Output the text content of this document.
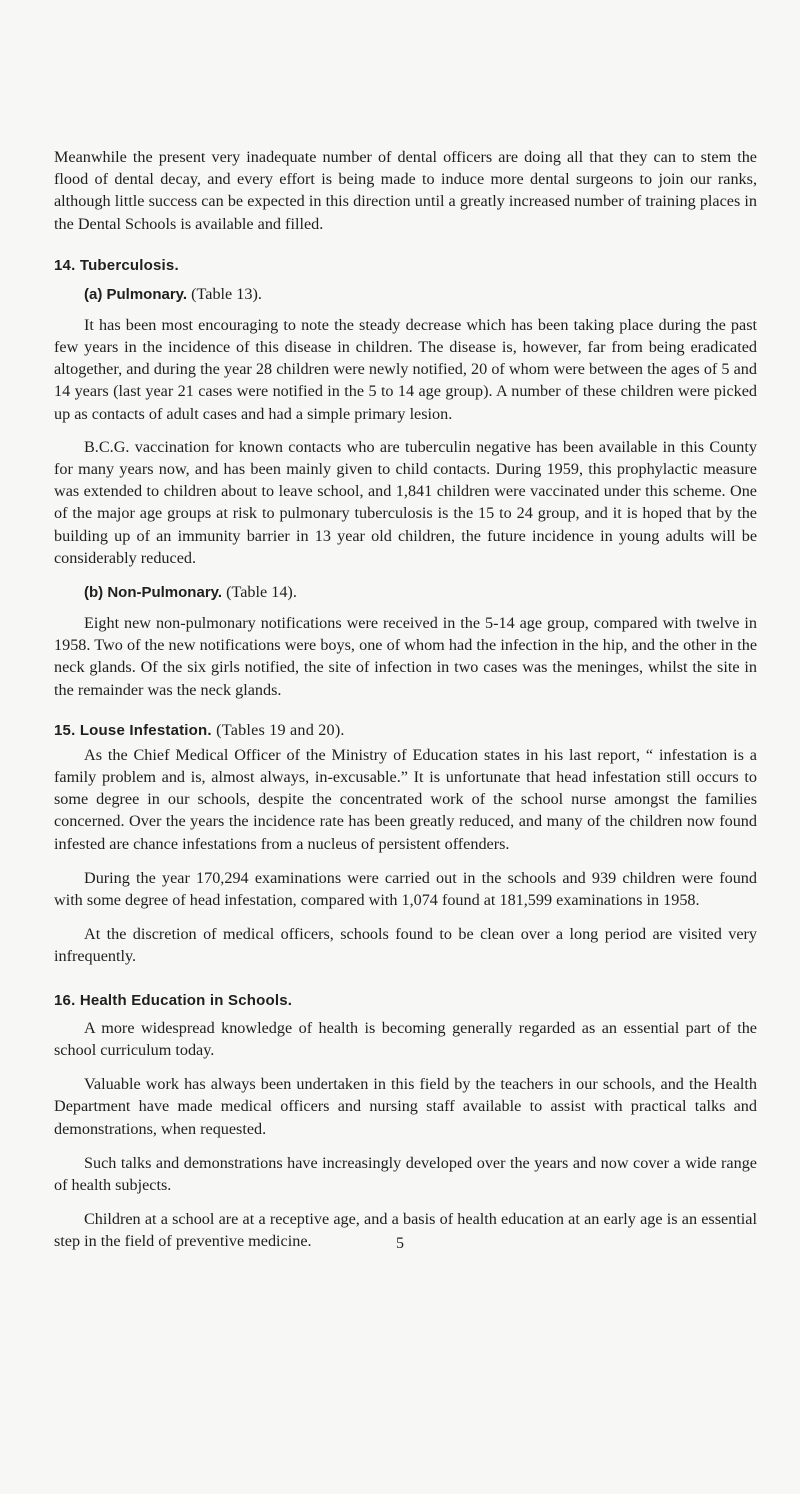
Meanwhile the present very inadequate number of dental officers are doing all that they can to stem the flood of dental decay, and every effort is being made to induce more dental surgeons to join our ranks, although little success can be expected in this direction until a greatly increased number of training places in the Dental Schools is available and filled.

14. Tuberculosis.
(a) Pulmonary. (Table 13).

It has been most encouraging to note the steady decrease which has been taking place during the past few years in the incidence of this disease in children. The disease is, however, far from being eradicated altogether, and during the year 28 children were newly notified, 20 of whom were between the ages of 5 and 14 years (last year 21 cases were notified in the 5 to 14 age group). A number of these children were picked up as contacts of adult cases and had a simple primary lesion.

B.C.G. vaccination for known contacts who are tuberculin negative has been available in this County for many years now, and has been mainly given to child contacts. During 1959, this prophylactic measure was extended to children about to leave school, and 1,841 children were vaccinated under this scheme. One of the major age groups at risk to pulmonary tuberculosis is the 15 to 24 group, and it is hoped that by the building up of an immunity barrier in 13 year old children, the future incidence in young adults will be considerably reduced.

(b) Non-Pulmonary. (Table 14).

Eight new non-pulmonary notifications were received in the 5-14 age group, compared with twelve in 1958. Two of the new notifications were boys, one of whom had the infection in the hip, and the other in the neck glands. Of the six girls notified, the site of infection in two cases was the meninges, whilst the site in the remainder was the neck glands.

15. Louse Infestation. (Tables 19 and 20).

As the Chief Medical Officer of the Ministry of Education states in his last report, “ infestation is a family problem and is, almost always, in-excusable.” It is unfortunate that head infestation still occurs to some degree in our schools, despite the concentrated work of the school nurse amongst the families concerned. Over the years the incidence rate has been greatly reduced, and many of the children now found infested are chance infestations from a nucleus of persistent offenders.

During the year 170,294 examinations were carried out in the schools and 939 children were found with some degree of head infestation, compared with 1,074 found at 181,599 examinations in 1958.

At the discretion of medical officers, schools found to be clean over a long period are visited very infrequently.

16. Health Education in Schools.

A more widespread knowledge of health is becoming generally regarded as an essential part of the school curriculum today.

Valuable work has always been undertaken in this field by the teachers in our schools, and the Health Department have made medical officers and nursing staff available to assist with practical talks and demonstrations, when requested.

Such talks and demonstrations have increasingly developed over the years and now cover a wide range of health subjects.

Children at a school are at a receptive age, and a basis of health education at an early age is an essential step in the field of preventive medicine.	5
